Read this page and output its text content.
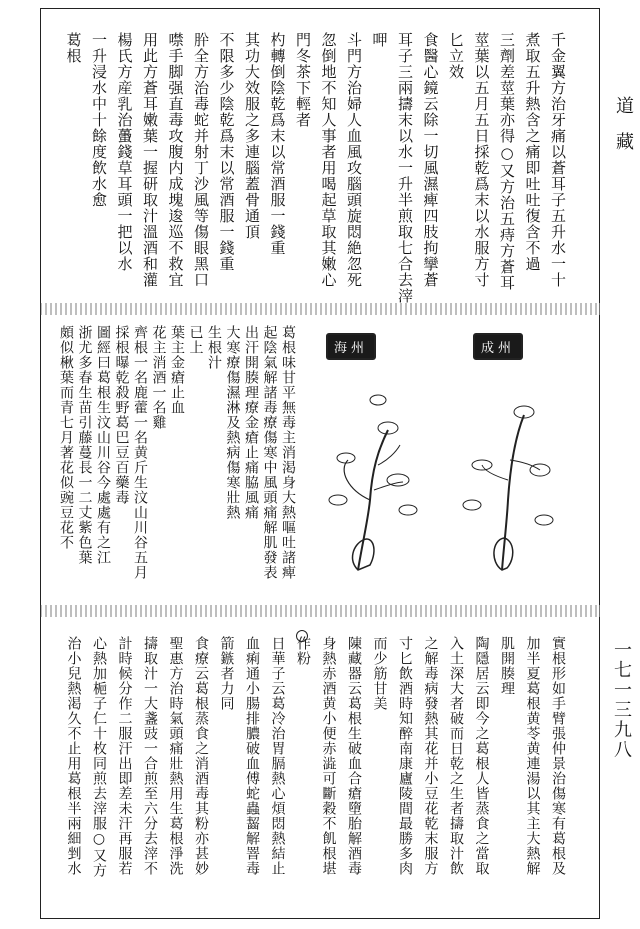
道藏
一七一三九八
千金翼方治牙痛以蒼耳子五升水一十
煮取五升熱含之痛即吐吐復含不過
三劑差莖葉亦得○又方治五痔方蒼耳
莖葉以五月五日採乾爲末以水服方寸
匕立效
食醫心鏡云除一切風濕痺四肢拘攣蒼
耳子三兩擣末以水一升半煎取七合去滓
呷
斗門方治婦人血風攻腦頭旋悶絶忽死
忽倒地不知人事者用喝起草取其嫩心
門冬茶下輕者
杓轉倒陰乾爲末以常酒服一錢重
其功大效服之多連腦蓋骨通頂
不限多少陰乾爲末以常酒服一錢重
肸全方治毒蛇并射丁沙風等傷眼黑口
噤手脚强直毒攻腹内成塊逡巡不救宜
用此方蒼耳嫩葉一握研取汁溫酒和灌
楊氏方産乳治蠆錢草耳頭一把以水
一升浸水中十餘度飲水愈
葛根
葛根味甘平無毒主消渇身大熱嘔吐諸痺
起陰氣解諸毒療傷寒中風頭痛解肌發表
出汗開腠理療金瘡止痛脇風痛
大寒療傷濕淋及熱病傷寒壯熱
生根汁
已上
葉主金瘡止血
花主消酒一名雞
齊根一名鹿藿一名黄斤生汶山川谷五月
採根曝乾殺野葛巴豆百藥毒
圖經曰葛根生汶山川谷今處處有之江
浙尤多春生苗引藤蔓長一二丈紫色葉
頗似楸葉而青七月著花似豌豆花不
實根形如手臂張仲景治傷寒有葛根及
加半夏葛根黄苓黄連湯以其主大熱解
肌開腠理
陶隱居云即今之葛根人皆蒸食之當取
入土深大者破而日乾之生者擣取汁飲
之解毒病發熱其花并小豆花乾末服方
寸匕飲酒時知醉南康廬陵間最勝多肉
而少筋甘美
陳藏器云葛根生破血合瘡墮胎解酒毒
身熱赤酒黄小便赤澁可斷穀不飢根堪
作粉
日華子云葛冷治胃膈熱心煩悶熱結止
血痢通小腸排膿破血傅蛇蟲齧解罯毒
箭鏃者力同
食療云葛根蒸食之消酒毒其粉亦甚妙
聖惠方治時氣頭痛壯熱用生葛根淨洗
擣取汁一大盞豉一合煎至六分去滓不
計時候分作二服汗出即差未汗再服若
心熱加梔子仁十枚同煎去滓服○又方
治小兒熱渇久不止用葛根半兩細剉水
海州	成州
